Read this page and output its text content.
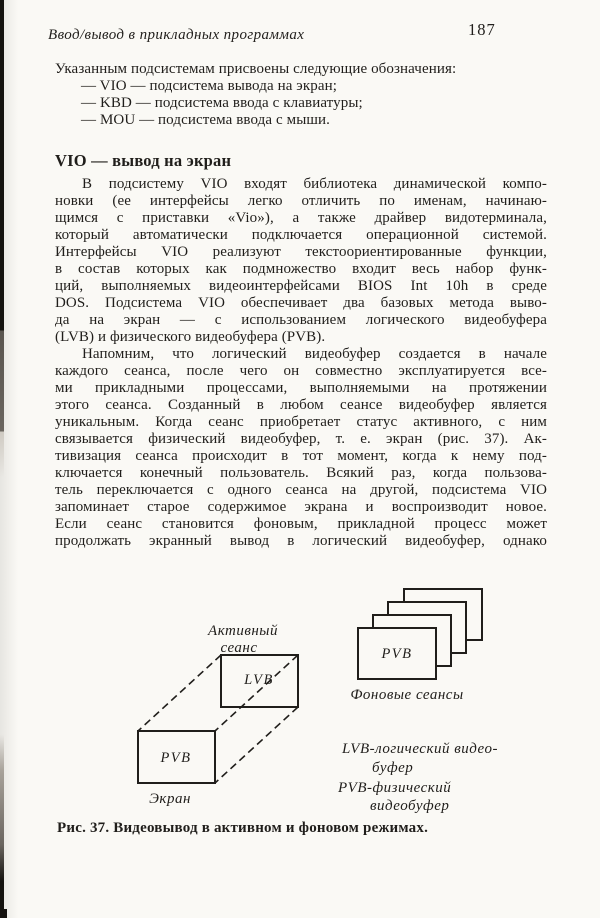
Ввод/вывод в прикладных программах	187
Указанным подсистемам присвоены следующие обозначения:
— VIO — подсистема вывода на экран;
— KBD — подсистема ввода с клавиатуры;
— MOU — подсистема ввода с мыши.
VIO — вывод на экран
В подсистему VIO входят библиотека динамической компо-
новки (ее интерфейсы легко отличить по именам, начинаю-
щимся с приставки «Vio»), а также драйвер видотерминала,
который автоматически подключается операционной системой.
Интерфейсы VIO реализуют текстоориентированные функции,
в состав которых как подмножество входит весь набор функ-
ций, выполняемых видеоинтерфейсами BIOS Int 10h в среде
DOS. Подсистема VIO обеспечивает два базовых метода выво-
да на экран — с использованием логического видеобуфера
(LVB) и физического видеобуфера (PVB).
Напомним, что логический видеобуфер создается в начале
каждого сеанса, после чего он совместно эксплуатируется все-
ми прикладными процессами, выполняемыми на протяжении
этого сеанса. Созданный в любом сеансе видеобуфер является
уникальным. Когда сеанс приобретает статус активного, с ним
связывается физический видеобуфер, т. е. экран (рис. 37). Ак-
тивизация сеанса происходит в тот момент, когда к нему под-
ключается конечный пользователь. Всякий раз, когда пользова-
тель переключается с одного сеанса на другой, подсистема VIO
запоминает старое содержимое экрана и воспроизводит новое.
Если сеанс становится фоновым, прикладной процесс может
продолжать экранный вывод в логический видеобуфер, однако
LVB
PVB
Активный
сеанс
Экран
PVB
Фоновые сеансы
LVB-логический видео-
буфер
PVB-физический
видеобуфер
Рис. 37. Видеовывод в активном и фоновом режимах.
